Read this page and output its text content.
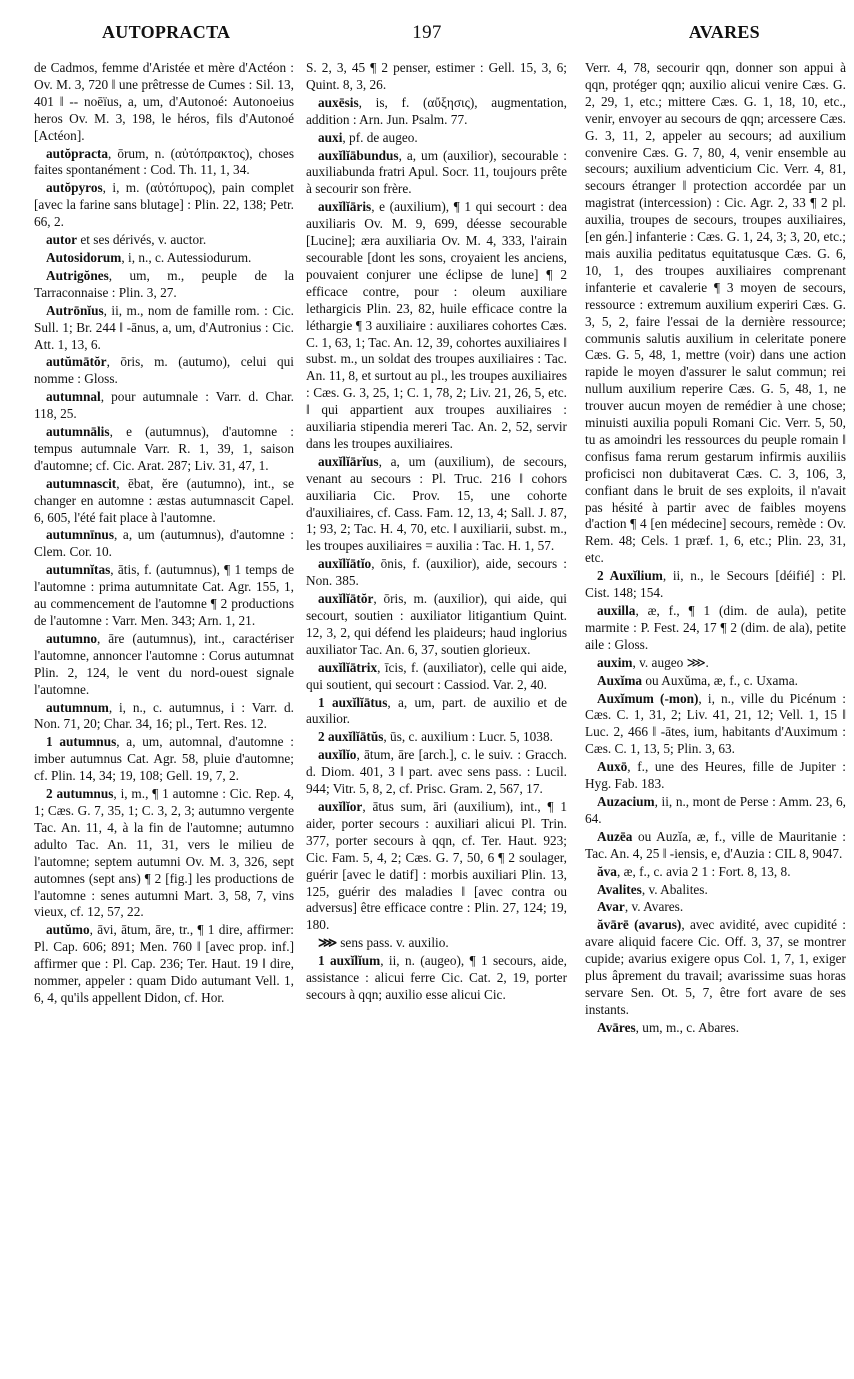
AUTOPRACTA	197	AVARES

de Cadmos, femme d'Aristée et mère d'Actéon : Ov. M. 3, 720 ‖ une prêtresse de Cumes : Sil. 13, 401 ‖ -- noēïus, a, um, d'Autonoé: Autonoeius heros Ov. M. 3, 198, le héros, fils d'Autonoé [Actéon].

autŏpracta, ōrum, n. (αὐτόπρακτος), choses faites spontanément : Cod. Th. 11, 1, 34.

autŏpyros, i, m. (αὐτόπυρος), pain complet [avec la farine sans blutage] : Plin. 22, 138; Petr. 66, 2.

autor et ses dérivés, v. auctor.

Autosidorum, i, n., c. Autessiodurum.

Autrigŏnes, um, m., peuple de la Tarraconnaise : Plin. 3, 27.

Autrōnĭus, ii, m., nom de famille rom. : Cic. Sull. 1; Br. 244 ‖ -ānus, a, um, d'Autronius : Cic. Att. 1, 13, 6.

autŭmātŏr, ōris, m. (autumo), celui qui nomme : Gloss.

autumnal, pour autumnale : Varr. d. Char. 118, 25.

autumnālis, e (autumnus), d'automne : tempus autumnale Varr. R. 1, 39, 1, saison d'automne; cf. Cic. Arat. 287; Liv. 31, 47, 1.

autumnascit, ēbat, ĕre (autumno), int., se changer en automne : æstas autumnascit Capel. 6, 605, l'été fait place à l'automne.

autumnīnus, a, um (autumnus), d'automne : Clem. Cor. 10.

autumnĭtas, ātis, f. (autumnus), ¶ 1 temps de l'automne : prima autumnitate Cat. Agr. 155, 1, au commencement de l'automne ¶ 2 productions de l'automne : Varr. Men. 343; Arn. 1, 21.

autumno, āre (autumnus), int., caractériser l'automne, annoncer l'automne : Corus autumnat Plin. 2, 124, le vent du nord-ouest signale l'automne.

autumnum, i, n., c. autumnus, i : Varr. d. Non. 71, 20; Char. 34, 16; pl., Tert. Res. 12.

1 autumnus, a, um, automnal, d'automne : imber autumnus Cat. Agr. 58, pluie d'automne; cf. Plin. 14, 34; 19, 108; Gell. 19, 7, 2.

2 autumnus, i, m., ¶ 1 automne : Cic. Rep. 4, 1; Cæs. G. 7, 35, 1; C. 3, 2, 3; autumno vergente Tac. An. 11, 4, à la fin de l'automne; autumno adulto Tac. An. 11, 31, vers le milieu de l'automne; septem autumni Ov. M. 3, 326, sept automnes (sept ans) ¶ 2 [fig.] les productions de l'automne : senes autumni Mart. 3, 58, 7, vins vieux, cf. 12, 57, 22.

autŭmo, āvi, ātum, āre, tr., ¶ 1 dire, affirmer: Pl. Cap. 606; 891; Men. 760 ‖ [avec prop. inf.] affirmer que : Pl. Cap. 236; Ter. Haut. 19 ‖ dire, nommer, appeler : quam Dido autumant Vell. 1, 6, 4, qu'ils appellent Didon, cf. Hor.

S. 2, 3, 45 ¶ 2 penser, estimer : Gell. 15, 3, 6; Quint. 8, 3, 26.

auxēsis, is, f. (αὔξησις), augmentation, addition : Arn. Jun. Psalm. 77.

auxi, pf. de augeo.

auxĭlĭābundus, a, um (auxilior), secourable : auxiliabunda fratri Apul. Socr. 11, toujours prête à secourir son frère.

auxĭlĭāris, e (auxilium), ¶ 1 qui secourt : dea auxiliaris Ov. M. 9, 699, déesse secourable [Lucine]; æra auxiliaria Ov. M. 4, 333, l'airain secourable [dont les sons, croyaient les anciens, pouvaient conjurer une éclipse de lune] ¶ 2 efficace contre, pour : oleum auxiliare lethargicis Plin. 23, 82, huile efficace contre la léthargie ¶ 3 auxiliaire : auxiliares cohortes Cæs. C. 1, 63, 1; Tac. An. 12, 39, cohortes auxiliaires ‖ subst. m., un soldat des troupes auxiliaires : Tac. An. 11, 8, et surtout au pl., les troupes auxiliaires : Cæs. G. 3, 25, 1; C. 1, 78, 2; Liv. 21, 26, 5, etc. ‖ qui appartient aux troupes auxiliaires : auxiliaria stipendia mereri Tac. An. 2, 52, servir dans les troupes auxiliaires.

auxĭlĭārĭus, a, um (auxilium), de secours, venant au secours : Pl. Truc. 216 ‖ cohors auxiliaria Cic. Prov. 15, une cohorte d'auxiliaires, cf. Cass. Fam. 12, 13, 4; Sall. J. 87, 1; 93, 2; Tac. H. 4, 70, etc. ‖ auxiliarii, subst. m., les troupes auxiliaires = auxilia : Tac. H. 1, 57.

auxĭlĭātĭo, ōnis, f. (auxilior), aide, secours : Non. 385.

auxĭlĭātŏr, ōris, m. (auxilior), qui aide, qui secourt, soutien : auxiliator litigantium Quint. 12, 3, 2, qui défend les plaideurs; haud inglorius auxiliator Tac. An. 6, 37, soutien glorieux.

auxĭlĭātrix, īcis, f. (auxiliator), celle qui aide, qui soutient, qui secourt : Cassiod. Var. 2, 40.

1 auxĭlĭātus, a, um, part. de auxilio et de auxilior.

2 auxĭlĭātŭs, ūs, c. auxilium : Lucr. 5, 1038.

auxĭlĭo, ātum, āre [arch.], c. le suiv. : Gracch. d. Diom. 401, 3 ‖ part. avec sens pass. : Lucil. 944; Vitr. 5, 8, 2, cf. Prisc. Gram. 2, 567, 17.

auxĭlĭor, ātus sum, āri (auxilium), int., ¶ 1 aider, porter secours : auxiliari alicui Pl. Trin. 377, porter secours à qqn, cf. Ter. Haut. 923; Cic. Fam. 5, 4, 2; Cæs. G. 7, 50, 6 ¶ 2 soulager, guérir [avec le datif] : morbis auxiliari Plin. 13, 125, guérir des maladies ‖ [avec contra ou adversus] être efficace contre : Plin. 27, 124; 19, 180.

⋙ sens pass. v. auxilio.

1 auxĭlĭum, ii, n. (augeo), ¶ 1 secours, aide, assistance : alicui ferre Cic. Cat. 2, 19, porter secours à qqn; auxilio esse alicui Cic.

Verr. 4, 78, secourir qqn, donner son appui à qqn, protéger qqn; auxilio alicui venire Cæs. G. 2, 29, 1, etc.; mittere Cæs. G. 1, 18, 10, etc., venir, envoyer au secours de qqn; arcessere Cæs. G. 3, 11, 2, appeler au secours; ad auxilium convenire Cæs. G. 7, 80, 4, venir ensemble au secours; auxilium adventicium Cic. Verr. 4, 81, secours étranger ‖ protection accordée par un magistrat (intercession) : Cic. Agr. 2, 33 ¶ 2 pl. auxilia, troupes de secours, troupes auxiliaires, [en gén.] infanterie : Cæs. G. 1, 24, 3; 3, 20, etc.; mais auxilia peditatus equitatusque Cæs. G. 6, 10, 1, des troupes auxiliaires comprenant infanterie et cavalerie ¶ 3 moyen de secours, ressource : extremum auxilium experiri Cæs. G. 3, 5, 2, faire l'essai de la dernière ressource; communis salutis auxilium in celeritate ponere Cæs. G. 5, 48, 1, mettre (voir) dans une action rapide le moyen d'assurer le salut commun; rei nullum auxilium reperire Cæs. G. 5, 48, 1, ne trouver aucun moyen de remédier à une chose; minuisti auxilia populi Romani Cic. Verr. 5, 50, tu as amoindri les ressources du peuple romain ‖ confisus fama rerum gestarum infirmis auxiliis proficisci non dubitaverat Cæs. C. 3, 106, 3, confiant dans le bruit de ses exploits, il n'avait pas hésité à partir avec de faibles moyens d'action ¶ 4 [en médecine] secours, remède : Ov. Rem. 48; Cels. 1 præf. 1, 6, etc.; Plin. 23, 31, etc.

2 Auxĭlium, ii, n., le Secours [déifié] : Pl. Cist. 148; 154.

auxilla, æ, f., ¶ 1 (dim. de aula), petite marmite : P. Fest. 24, 17 ¶ 2 (dim. de ala), petite aile : Gloss.

auxim, v. augeo ⋙.

Auxĭma ou Auxŭma, æ, f., c. Uxama.

Auxĭmum (-mon), i, n., ville du Picénum : Cæs. C. 1, 31, 2; Liv. 41, 21, 12; Vell. 1, 15 ‖ Luc. 2, 466 ‖ -ātes, ium, habitants d'Auximum : Cæs. C. 1, 13, 5; Plin. 3, 63.

Auxō, f., une des Heures, fille de Jupiter : Hyg. Fab. 183.

Auzacium, ii, n., mont de Perse : Amm. 23, 6, 64.

Auzēa ou Auzĭa, æ, f., ville de Mauritanie : Tac. An. 4, 25 ‖ -iensis, e, d'Auzia : CIL 8, 9047.

ăva, æ, f., c. avia 2 1 : Fort. 8, 13, 8.

Avalites, v. Abalites.

Avar, v. Avares.

ăvārē (avarus), avec avidité, avec cupidité : avare aliquid facere Cic. Off. 3, 37, se montrer cupide; avarius exigere opus Col. 1, 7, 1, exiger plus âprement du travail; avarissime suas horas servare Sen. Ot. 5, 7, être fort avare de ses instants.

Avāres, um, m., c. Abares.
